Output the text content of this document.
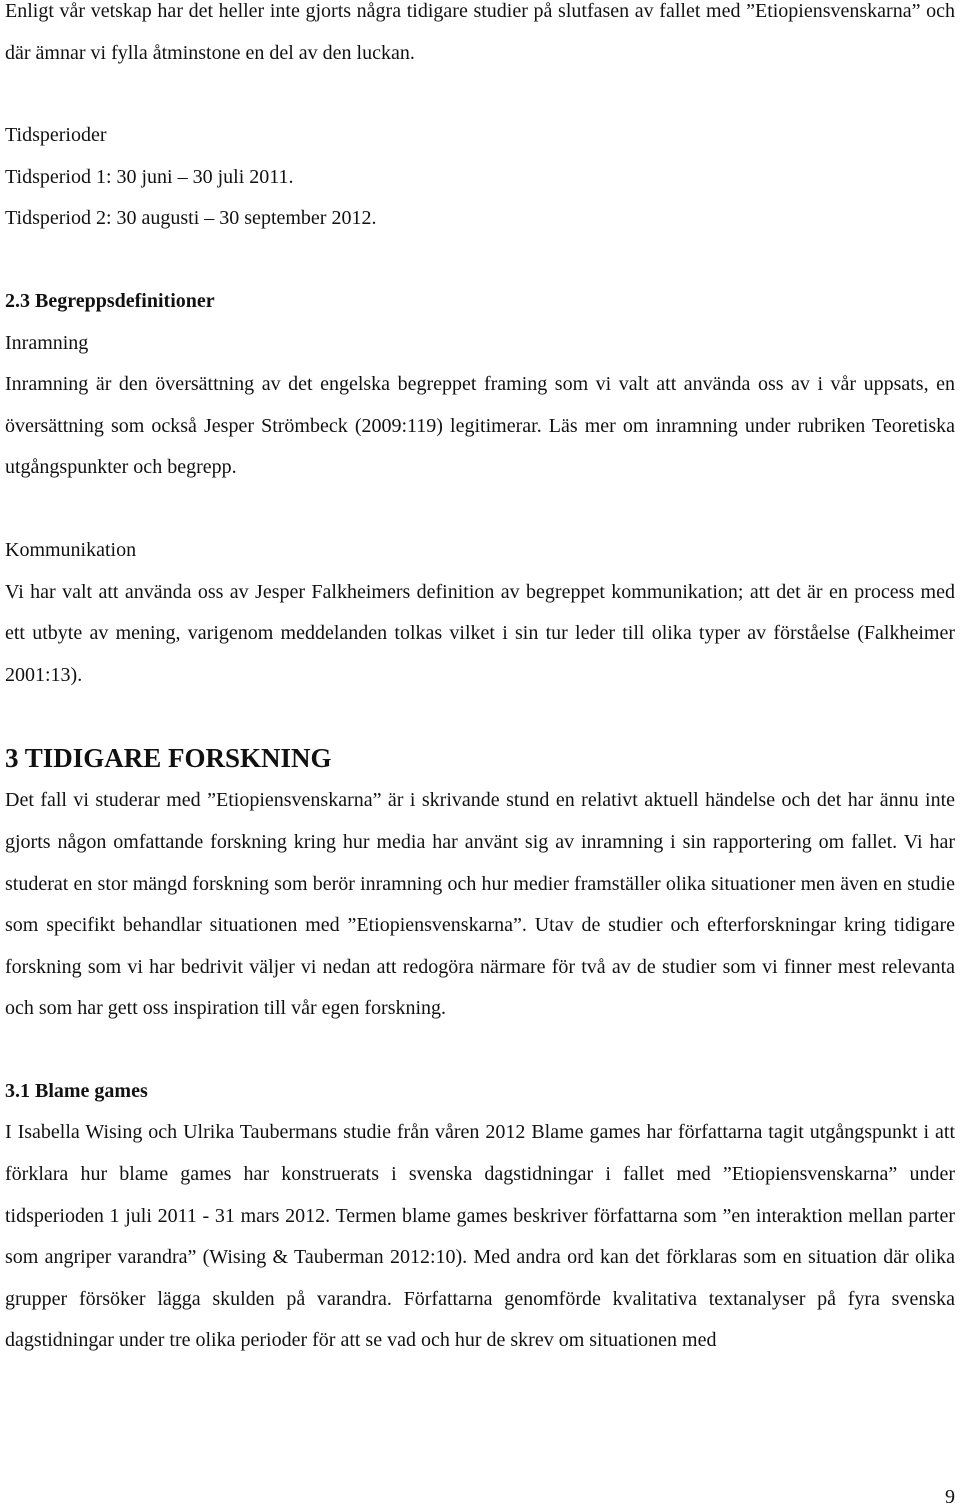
Enligt vår vetskap har det heller inte gjorts några tidigare studier på slutfasen av fallet med ”Etiopiensvenskarna” och där ämnar vi fylla åtminstone en del av den luckan.

Tidsperioder

Tidsperiod 1: 30 juni – 30 juli 2011.

Tidsperiod 2: 30 augusti – 30 september 2012.

2.3 Begreppsdefinitioner

Inramning

Inramning är den översättning av det engelska begreppet framing som vi valt att använda oss av i vår uppsats, en översättning som också Jesper Strömbeck (2009:119) legitimerar. Läs mer om inramning under rubriken Teoretiska utgångspunkter och begrepp.

Kommunikation

Vi har valt att använda oss av Jesper Falkheimers definition av begreppet kommunikation; att det är en process med ett utbyte av mening, varigenom meddelanden tolkas vilket i sin tur leder till olika typer av förståelse (Falkheimer 2001:13).

3 TIDIGARE FORSKNING

Det fall vi studerar med ”Etiopiensvenskarna” är i skrivande stund en relativt aktuell händelse och det har ännu inte gjorts någon omfattande forskning kring hur media har använt sig av inramning i sin rapportering om fallet. Vi har studerat en stor mängd forskning som berör inramning och hur medier framställer olika situationer men även en studie som specifikt behandlar situationen med ”Etiopiensvenskarna”. Utav de studier och efterforskningar kring tidigare forskning som vi har bedrivit väljer vi nedan att redogöra närmare för två av de studier som vi finner mest relevanta och som har gett oss inspiration till vår egen forskning.

3.1 Blame games

I Isabella Wising och Ulrika Taubermans studie från våren 2012 Blame games har författarna tagit utgångspunkt i att förklara hur blame games har konstruerats i svenska dagstidningar i fallet med ”Etiopiensvenskarna” under tidsperioden 1 juli 2011 - 31 mars 2012. Termen blame games beskriver författarna som ”en interaktion mellan parter som angriper varandra” (Wising & Tauberman 2012:10). Med andra ord kan det förklaras som en situation där olika grupper försöker lägga skulden på varandra. Författarna genomförde kvalitativa textanalyser på fyra svenska dagstidningar under tre olika perioder för att se vad och hur de skrev om situationen med

9
